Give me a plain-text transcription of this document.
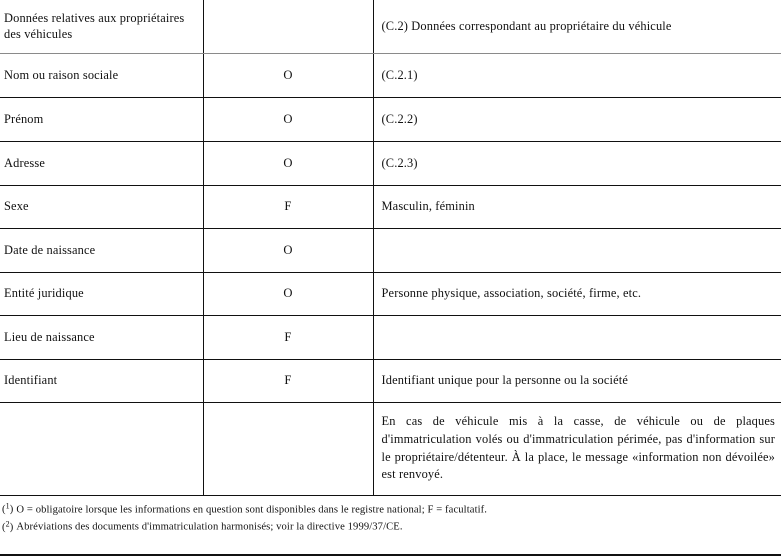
Données relatives aux propriétaires des véhicules		(C.2) Données correspondant au propriétaire du véhicule

Nom ou raison sociale	O	(C.2.1)

Prénom	O	(C.2.2)

Adresse	O	(C.2.3)

Sexe	F	Masculin, féminin

Date de naissance	O	

Entité juridique	O	Personne physique, association, société, firme, etc.

Lieu de naissance	F	

Identifiant	F	Identifiant unique pour la personne ou la société

		En cas de véhicule mis à la casse, de véhicule ou de plaques d'immatriculation volés ou d'immatriculation périmée, pas d'information sur le propriétaire/détenteur. À la place, le message «information non dévoilée» est renvoyé.
($^1$) O = obligatoire lorsque les informations en question sont disponibles dans le registre national; F = facultatif.
($^2$) Abréviations des documents d'immatriculation harmonisés; voir la directive 1999/37/CE.
